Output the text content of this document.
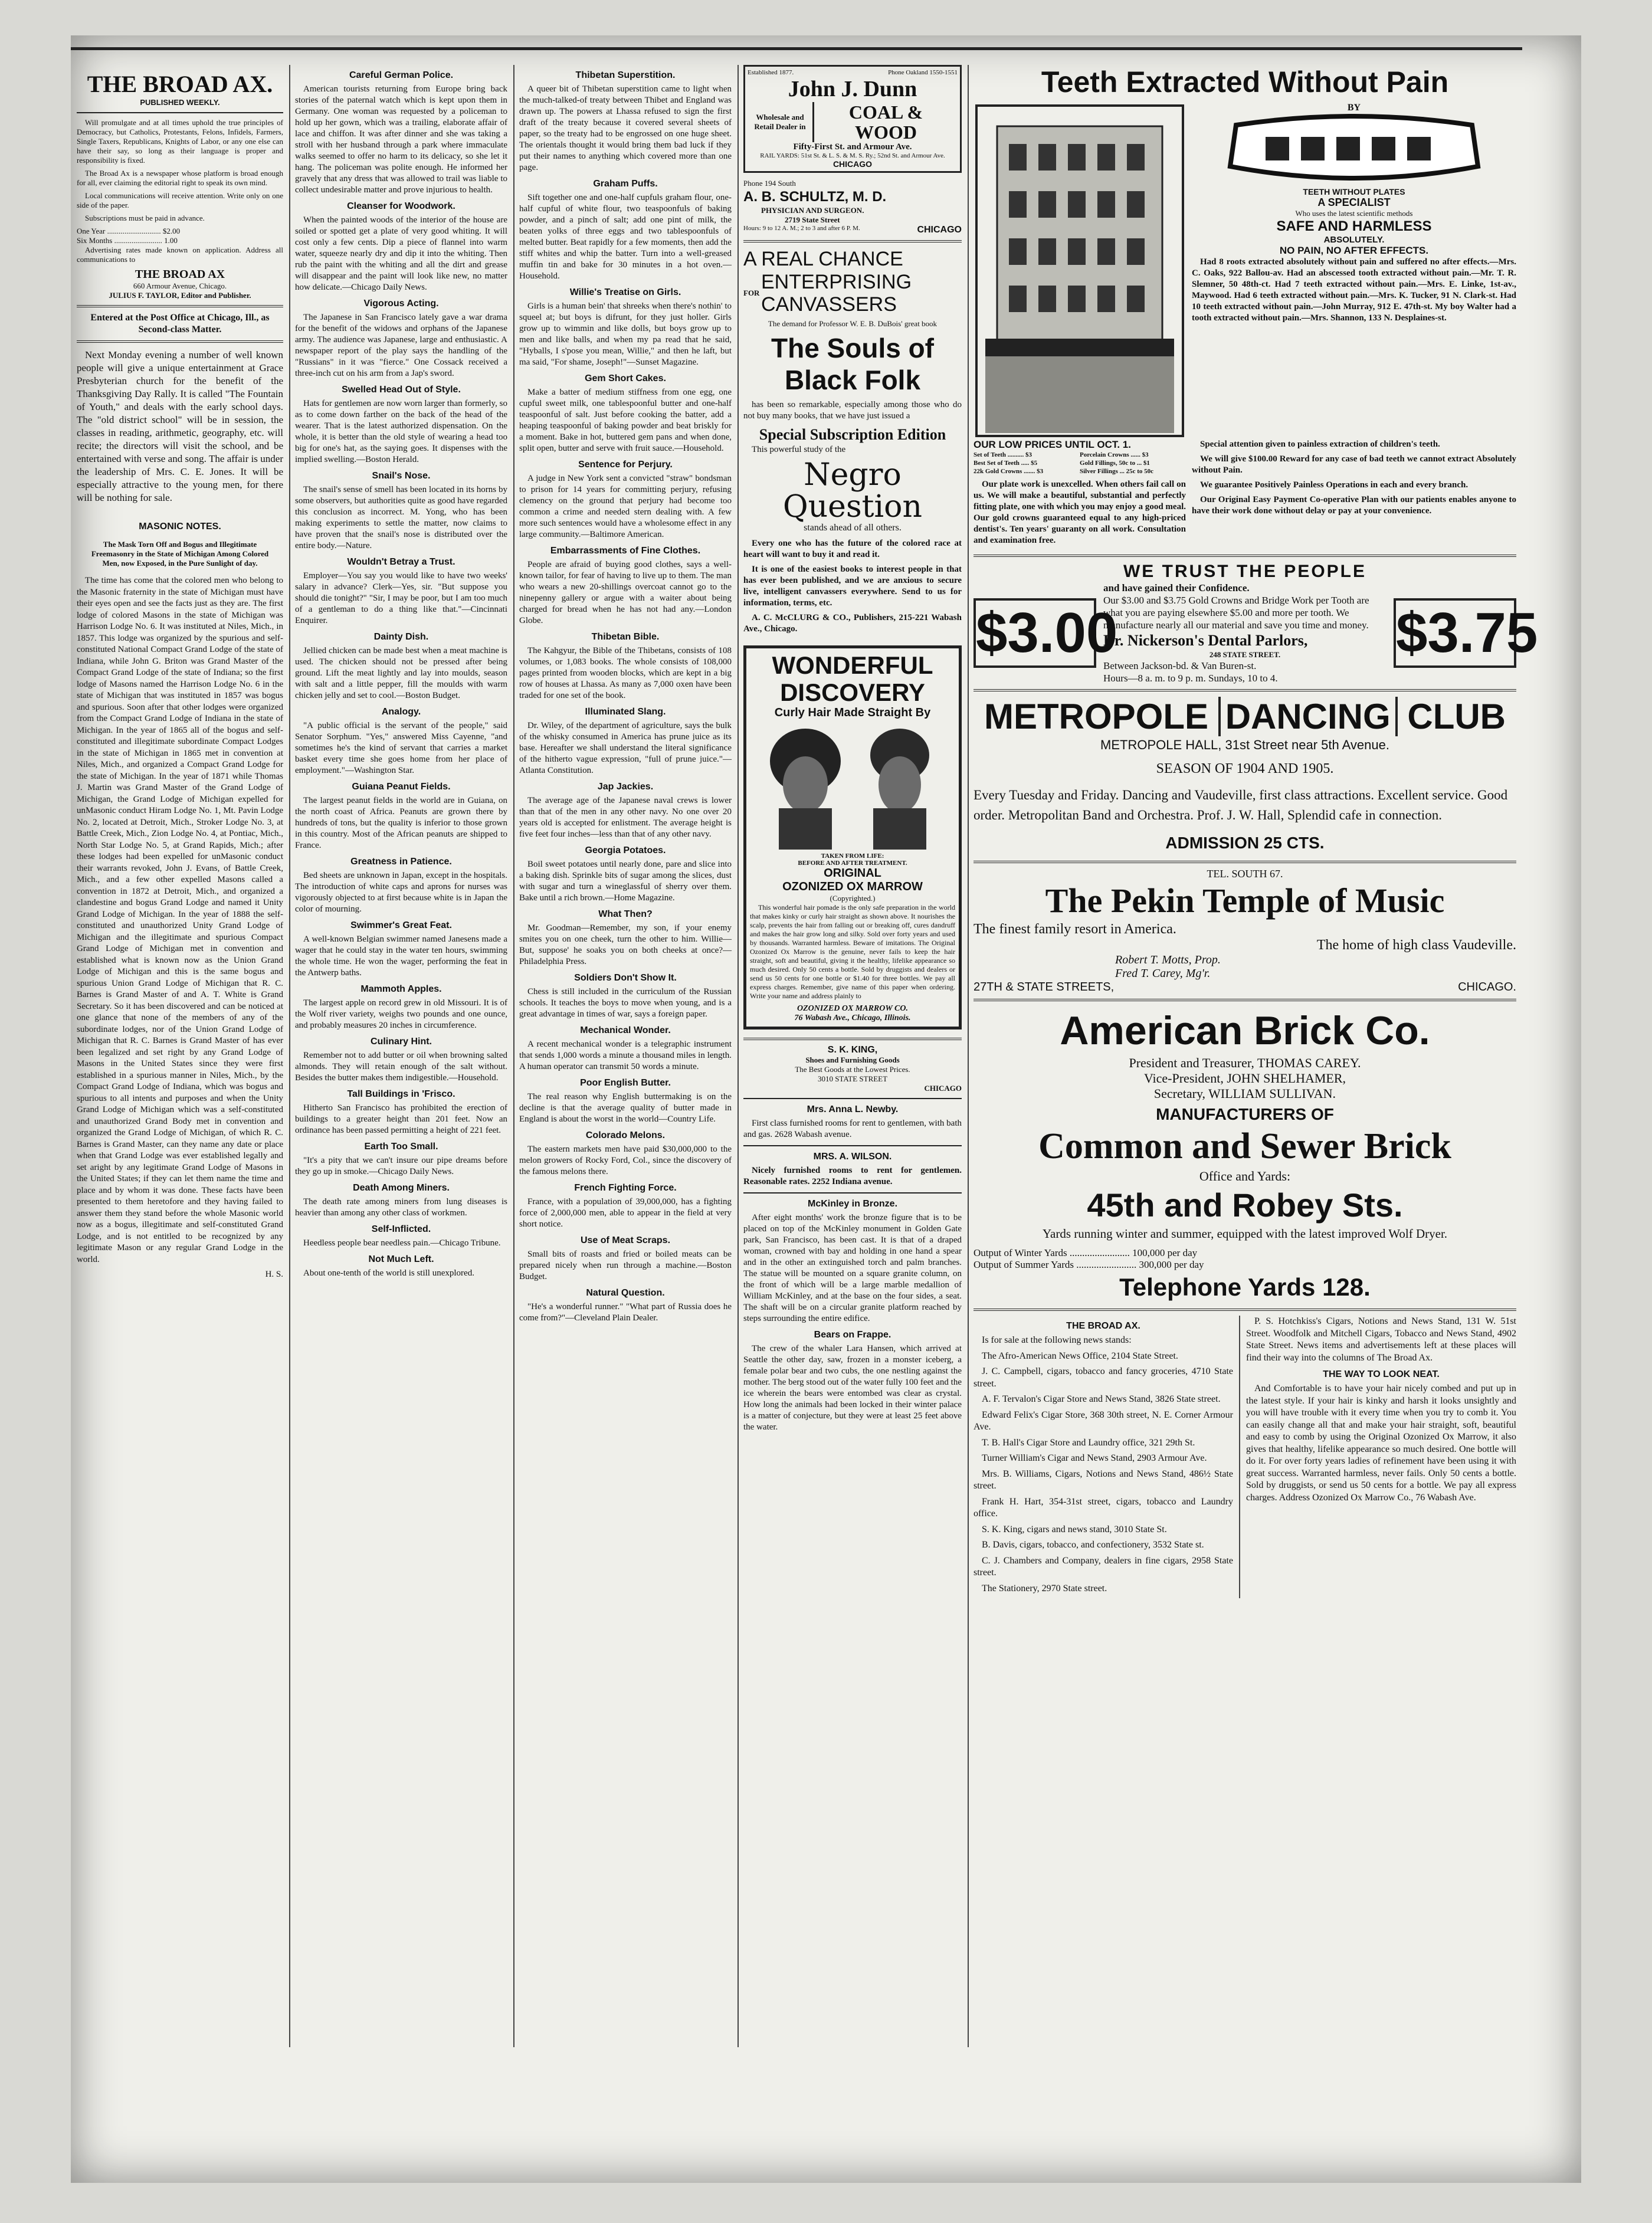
THE BROAD AX.
PUBLISHED WEEKLY.

Will promulgate and at all times uphold the true principles of Democracy, but Catholics, Protestants, Felons, Infidels, Farmers, Single Taxers, Republicans, Knights of Labor, or any one else can have their say, so long as their language is proper and responsibility is fixed.

The Broad Ax is a newspaper whose platform is broad enough for all, ever claiming the editorial right to speak its own mind.

Local communications will receive attention. Write only on one side of the paper.

Subscriptions must be paid in advance.

One Year ............................ $2.00
Six Months ......................... 1.00

Advertising rates made known on application. Address all communications to

THE BROAD AX
660 Armour Avenue, Chicago.
JULIUS F. TAYLOR, Editor and Publisher.
Entered at the Post Office at Chicago, Ill., as Second-class Matter.

Next Monday evening a number of well known people will give a unique entertainment at Grace Presbyterian church for the benefit of the Thanksgiving Day Rally. It is called "The Fountain of Youth," and deals with the early school days. The "old district school" will be in session, the classes in reading, arithmetic, geography, etc. will recite; the directors will visit the school, and be entertained with verse and song. The affair is under the leadership of Mrs. C. E. Jones. It will be especially attractive to the young men, for there will be nothing for sale.

MASONIC NOTES.
The Mask Torn Off and Bogus and Illegitimate Freemasonry in the State of Michigan Among Colored Men, now Exposed, in the Pure Sunlight of day.

The time has come that the colored men who belong to the Masonic fraternity in the state of Michigan must have their eyes open and see the facts just as they are. The first lodge of colored Masons in the state of Michigan was Harrison Lodge No. 6. It was instituted at Niles, Mich., in 1857. This lodge was organized by the spurious and self-constituted National Compact Grand Lodge of the state of Indiana, while John G. Briton was Grand Master of the Compact Grand Lodge of the state of Indiana; so the first lodge of Masons named the Harrison Lodge No. 6 in the state of Michigan that was instituted in 1857 was bogus and spurious. Soon after that other lodges were organized from the Compact Grand Lodge of Indiana in the state of Michigan. In the year of 1865 all of the bogus and self-constituted and illegitimate subordinate Compact Lodges in the state of Michigan in 1865 met in convention at Niles, Mich., and organized a Compact Grand Lodge for the state of Michigan. In the year of 1871 while Thomas J. Martin was Grand Master of the Grand Lodge of Michigan, the Grand Lodge of Michigan expelled for unMasonic conduct Hiram Lodge No. 1, Mt. Pavin Lodge No. 2, located at Detroit, Mich., Stroker Lodge No. 3, at Battle Creek, Mich., Zion Lodge No. 4, at Pontiac, Mich., North Star Lodge No. 5, at Grand Rapids, Mich.; after these lodges had been expelled for unMasonic conduct their warrants revoked, John J. Evans, of Battle Creek, Mich., and a few other expelled Masons called a convention in 1872 at Detroit, Mich., and organized a clandestine and bogus Grand Lodge and named it Unity Grand Lodge of Michigan. In the year of 1888 the self-constituted and unauthorized Unity Grand Lodge of Michigan and the illegitimate and spurious Compact Grand Lodge of Michigan met in convention and established what is known now as the Union Grand Lodge of Michigan and this is the same bogus and spurious Union Grand Lodge of Michigan that R. C. Barnes is Grand Master of and A. T. White is Grand Secretary. So it has been discovered and can be noticed at one glance that none of the members of any of the subordinate lodges, nor of the Union Grand Lodge of Michigan that R. C. Barnes is Grand Master of has ever been legalized and set right by any Grand Lodge of Masons in the United States since they were first established in a spurious manner in Niles, Mich., by the Compact Grand Lodge of Indiana, which was bogus and spurious to all intents and purposes and when the Unity Grand Lodge of Michigan which was a self-constituted and unauthorized Grand Body met in convention and organized the Grand Lodge of Michigan, of which R. C. Barnes is Grand Master, can they name any date or place when that Grand Lodge was ever established legally and set aright by any legitimate Grand Lodge of Masons in the United States; if they can let them name the time and place and by whom it was done. These facts have been presented to them heretofore and they having failed to answer them they stand before the whole Masonic world now as a bogus, illegitimate and self-constituted Grand Lodge, and is not entitled to be recognized by any legitimate Mason or any regular Grand Lodge in the world.

H. S.
Careful German Police.

American tourists returning from Europe bring back stories of the paternal watch which is kept upon them in Germany. One woman was requested by a policeman to hold up her gown, which was a trailing, elaborate affair of lace and chiffon. It was after dinner and she was taking a stroll with her husband through a park where immaculate walks seemed to offer no harm to its delicacy, so she let it hang. The policeman was polite enough. He informed her gravely that any dress that was allowed to trail was liable to collect undesirable matter and prove injurious to health.

Cleanser for Woodwork.

When the painted woods of the interior of the house are soiled or spotted get a plate of very good whiting. It will cost only a few cents. Dip a piece of flannel into warm water, squeeze nearly dry and dip it into the whiting. Then rub the paint with the whiting and all the dirt and grease will disappear and the paint will look like new, no matter how delicate.—Chicago Daily News.

Vigorous Acting.

The Japanese in San Francisco lately gave a war drama for the benefit of the widows and orphans of the Japanese army. The audience was Japanese, large and enthusiastic. A newspaper report of the play says the handling of the "Russians" in it was "fierce." One Cossack received a three-inch cut on his arm from a Jap's sword.

Swelled Head Out of Style.

Hats for gentlemen are now worn larger than formerly, so as to come down farther on the back of the head of the wearer. That is the latest authorized dispensation. On the whole, it is better than the old style of wearing a head too big for one's hat, as the saying goes. It dispenses with the implied swelling.—Boston Herald.

Snail's Nose.

The snail's sense of smell has been located in its horns by some observers, but authorities quite as good have regarded this conclusion as incorrect. M. Yong, who has been making experiments to settle the matter, now claims to have proven that the snail's nose is distributed over the entire body.—Nature.

Wouldn't Betray a Trust.

Employer—You say you would like to have two weeks' salary in advance? Clerk—Yes, sir. "But suppose you should die tonight?" "Sir, I may be poor, but I am too much of a gentleman to do a thing like that."—Cincinnati Enquirer.

Dainty Dish.

Jellied chicken can be made best when a meat machine is used. The chicken should not be pressed after being ground. Lift the meat lightly and lay into moulds, season with salt and a little pepper, fill the moulds with warm chicken jelly and set to cool.—Boston Budget.

Analogy.

"A public official is the servant of the people," said Senator Sorphum. "Yes," answered Miss Cayenne, "and sometimes he's the kind of servant that carries a market basket every time she goes home from her place of employment."—Washington Star.

Guiana Peanut Fields.

The largest peanut fields in the world are in Guiana, on the north coast of Africa. Peanuts are grown there by hundreds of tons, but the quality is inferior to those grown in this country. Most of the African peanuts are shipped to France.

Greatness in Patience.

Bed sheets are unknown in Japan, except in the hospitals. The introduction of white caps and aprons for nurses was vigorously objected to at first because white is in Japan the color of mourning.

Swimmer's Great Feat.

A well-known Belgian swimmer named Janesens made a wager that he could stay in the water ten hours, swimming the whole time. He won the wager, performing the feat in the Antwerp baths.

Mammoth Apples.

The largest apple on record grew in old Missouri. It is of the Wolf river variety, weighs two pounds and one ounce, and probably measures 20 inches in circumference.

Culinary Hint.

Remember not to add butter or oil when browning salted almonds. They will retain enough of the salt without. Besides the butter makes them indigestible.—Household.

Tall Buildings in 'Frisco.

Hitherto San Francisco has prohibited the erection of buildings to a greater height than 201 feet. Now an ordinance has been passed permitting a height of 221 feet.

Earth Too Small.

"It's a pity that we can't insure our pipe dreams before they go up in smoke.—Chicago Daily News.

Death Among Miners.

The death rate among miners from lung diseases is heavier than among any other class of workmen.

Self-Inflicted.

Heedless people bear needless pain.—Chicago Tribune.

Not Much Left.

About one-tenth of the world is still unexplored.

Thibetan Superstition.

A queer bit of Thibetan superstition came to light when the much-talked-of treaty between Thibet and England was drawn up. The powers at Lhassa refused to sign the first draft of the treaty because it covered several sheets of paper, so the treaty had to be engrossed on one huge sheet. The orientals thought it would bring them bad luck if they put their names to anything which covered more than one page.

Graham Puffs.

Sift together one and one-half cupfuls graham flour, one-half cupful of white flour, two teaspoonfuls of baking powder, and a pinch of salt; add one pint of milk, the beaten yolks of three eggs and two tablespoonfuls of melted butter. Beat rapidly for a few moments, then add the stiff whites and whip the batter. Turn into a well-greased muffin tin and bake for 30 minutes in a hot oven.—Household.

Willie's Treatise on Girls.

Girls is a human bein' that shreeks when there's nothin' to squeel at; but boys is difrunt, for they just holler. Girls grow up to wimmin and like dolls, but boys grow up to men and like balls, and when my pa read that he said, "Hyballs, I s'pose you mean, Willie," and then he laft, but ma said, "For shame, Joseph!"—Sunset Magazine.

Gem Short Cakes.

Make a batter of medium stiffness from one egg, one cupful sweet milk, one tablespoonful butter and one-half teaspoonful of salt. Just before cooking the batter, add a heaping teaspoonful of baking powder and beat briskly for a moment. Bake in hot, buttered gem pans and when done, split open, butter and serve with fruit sauce.—Household.

Sentence for Perjury.

A judge in New York sent a convicted "straw" bondsman to prison for 14 years for committing perjury, refusing clemency on the ground that perjury had become too common a crime and needed stern dealing with. A few more such sentences would have a wholesome effect in any large community.—Baltimore American.

Embarrassments of Fine Clothes.

People are afraid of buying good clothes, says a well-known tailor, for fear of having to live up to them. The man who wears a new 20-shillings overcoat cannot go to the ninepenny gallery or argue with a waiter about being charged for bread when he has not had any.—London Globe.

Thibetan Bible.

The Kahgyur, the Bible of the Thibetans, consists of 108 volumes, or 1,083 books. The whole consists of 108,000 pages printed from wooden blocks, which are kept in a big row of houses at Lhassa. As many as 7,000 oxen have been traded for one set of the book.

Illuminated Slang.

Dr. Wiley, of the department of agriculture, says the bulk of the whisky consumed in America has prune juice as its base. Hereafter we shall understand the literal significance of the hitherto vague expression, "full of prune juice."—Atlanta Constitution.

Jap Jackies.

The average age of the Japanese naval crews is lower than that of the men in any other navy. No one over 20 years old is accepted for enlistment. The average height is five feet four inches—less than that of any other navy.

Georgia Potatoes.

Boil sweet potatoes until nearly done, pare and slice into a baking dish. Sprinkle bits of sugar among the slices, dust with sugar and turn a wineglassful of sherry over them. Bake until a rich brown.—Home Magazine.

What Then?

Mr. Goodman—Remember, my son, if your enemy smites you on one cheek, turn the other to him. Willie—But, suppose' he soaks you on both cheeks at once?—Philadelphia Press.

Soldiers Don't Show It.

Chess is still included in the curriculum of the Russian schools. It teaches the boys to move when young, and is a great advantage in times of war, says a foreign paper.

Mechanical Wonder.

A recent mechanical wonder is a telegraphic instrument that sends 1,000 words a minute a thousand miles in length. A human operator can transmit 50 words a minute.

Poor English Butter.

The real reason why English buttermaking is on the decline is that the average quality of butter made in England is about the worst in the world—Country Life.

Colorado Melons.

The eastern markets men have paid $30,000,000 to the melon growers of Rocky Ford, Col., since the discovery of the famous melons there.

French Fighting Force.

France, with a population of 39,000,000, has a fighting force of 2,000,000 men, able to appear in the field at very short notice.

Use of Meat Scraps.

Small bits of roasts and fried or boiled meats can be prepared nicely when run through a machine.—Boston Budget.

Natural Question.

"He's a wonderful runner." "What part of Russia does he come from?"—Cleveland Plain Dealer.

Established 1877.	Phone Oakland 1550-1551
John J. Dunn
Wholesale and Retail Dealer in
COAL &
WOOD
Fifty-First St. and Armour Ave.
RAIL YARDS: 51st St. & L. S. & M. S. Ry.; 52nd St. and Armour Ave.
CHICAGO
Phone 194 South
A. B. SCHULTZ, M. D.
PHYSICIAN AND SURGEON.
2719 State Street
Hours: 9 to 12 A. M.; 2 to 3 and after 6 P. M.	CHICAGO
A REAL CHANCE
FOR ENTERPRISING
CANVASSERS
The demand for Professor W. E. B. DuBois' great book
The Souls of
Black Folk

has been so remarkable, especially among those who do not buy many books, that we have just issued a

Special Subscription Edition

This powerful study of the

Negro
Question
stands ahead of all others.

Every one who has the future of the colored race at heart will want to buy it and read it.

It is one of the easiest books to interest people in that has ever been published, and we are anxious to secure live, intelligent canvassers everywhere. Send to us for information, terms, etc.

A. C. McCLURG & CO., Publishers, 215-221 Wabash Ave., Chicago.

WONDERFUL
DISCOVERY
Curly Hair Made Straight By
TAKEN FROM LIFE:
BEFORE AND AFTER TREATMENT.
ORIGINAL
OZONIZED OX MARROW
(Copyrighted.)

This wonderful hair pomade is the only safe preparation in the world that makes kinky or curly hair straight as shown above. It nourishes the scalp, prevents the hair from falling out or breaking off, cures dandruff and makes the hair grow long and silky. Sold over forty years and used by thousands. Warranted harmless. Beware of imitations. The Original Ozonized Ox Marrow is the genuine, never fails to keep the hair straight, soft and beautiful, giving it the healthy, lifelike appearance so much desired. Only 50 cents a bottle. Sold by druggists and dealers or send us 50 cents for one bottle or $1.40 for three bottles. We pay all express charges. Remember, give name of this paper when ordering. Write your name and address plainly to

OZONIZED OX MARROW CO.
76 Wabash Ave., Chicago, Illinois.
S. K. KING,
Shoes and Furnishing Goods
The Best Goods at the Lowest Prices.
3010 STATE STREET
CHICAGO
Mrs. Anna L. Newby.

First class furnished rooms for rent to gentlemen, with bath and gas. 2628 Wabash avenue.

MRS. A. WILSON.

Nicely furnished rooms to rent for gentlemen. Reasonable rates. 2252 Indiana avenue.

McKinley in Bronze.

After eight months' work the bronze figure that is to be placed on top of the McKinley monument in Golden Gate park, San Francisco, has been cast. It is that of a draped woman, crowned with bay and holding in one hand a spear and in the other an extinguished torch and palm branches. The statue will be mounted on a square granite column, on the front of which will be a large marble medallion of William McKinley, and at the base on the four sides, a seat. The shaft will be on a circular granite platform reached by steps surrounding the entire edifice.

Bears on Frappe.

The crew of the whaler Lara Hansen, which arrived at Seattle the other day, saw, frozen in a monster iceberg, a female polar bear and two cubs, the one nestling against the mother. The berg stood out of the water fully 100 feet and the ice wherein the bears were entombed was clear as crystal. How long the animals had been locked in their winter palace is a matter of conjecture, but they were at least 25 feet above the water.

Teeth Extracted Without Pain
BY
TEETH WITHOUT PLATES
A SPECIALIST
Who uses the latest scientific methods
SAFE AND HARMLESS
ABSOLUTELY.
NO PAIN, NO AFTER EFFECTS.

Had 8 roots extracted absolutely without pain and suffered no after effects.—Mrs. C. Oaks, 922 Ballou-av. Had an abscessed tooth extracted without pain.—Mr. T. R. Slemner, 50 48th-ct. Had 7 teeth extracted without pain.—Mrs. E. Linke, 1st-av., Maywood. Had 6 teeth extracted without pain.—Mrs. K. Tucker, 91 N. Clark-st. Had 10 teeth extracted without pain.—John Murray, 912 E. 47th-st. My boy Walter had a tooth extracted without pain.—Mrs. Shannon, 133 N. Desplaines-st.

OUR LOW PRICES UNTIL OCT. 1.
Set of Teeth .......... $3
Best Set of Teeth ..... $5
22k Gold Crowns ....... $3
Porcelain Crowns ...... $3
Gold Fillings, 50c to ... $1
Silver Fillings ... 25c to 50c

Our plate work is unexcelled. When others fail call on us. We will make a beautiful, substantial and perfectly fitting plate, one with which you may enjoy a good meal. Our gold crowns guaranteed equal to any high-priced dentist's. Ten years' guaranty on all work. Consultation and examination free.

Special attention given to painless extraction of children's teeth.

We will give $100.00 Reward for any case of bad teeth we cannot extract Absolutely without Pain.

We guarantee Positively Painless Operations in each and every branch.

Our Original Easy Payment Co-operative Plan with our patients enables anyone to have their work done without delay or pay at your convenience.

WE TRUST THE PEOPLE
$3.00
and have gained their Confidence.
Our $3.00 and $3.75 Gold Crowns and Bridge Work per Tooth are what you are paying elsewhere $5.00 and more per tooth. We manufacture nearly all our material and save you time and money.
Dr. Nickerson's Dental Parlors,
248 STATE STREET.
Between Jackson-bd. & Van Buren-st.
Hours—8 a. m. to 9 p. m. Sundays, 10 to 4.
$3.75
METROPOLE DANCING CLUB
METROPOLE HALL, 31st Street near 5th Avenue.
SEASON OF 1904 AND 1905.
Every Tuesday and Friday. Dancing and Vaudeville, first class attractions. Excellent service. Good order. Metropolitan Band and Orchestra. Prof. J. W. Hall, Splendid cafe in connection.
ADMISSION 25 CTS.
TEL. SOUTH 67.
The Pekin Temple of Music
The finest family resort in America.
The home of high class Vaudeville.
Robert T. Motts, Prop.
Fred T. Carey, Mg'r.
27TH & STATE STREETS,	CHICAGO.
American Brick Co.
President and Treasurer, THOMAS CAREY.
Vice-President, JOHN SHELHAMER,
Secretary, WILLIAM SULLIVAN.
MANUFACTURERS OF
Common and Sewer Brick
Office and Yards:
45th and Robey Sts.
Yards running winter and summer, equipped with the latest improved Wolf Dryer.
Output of Winter Yards ........................ 100,000 per day
Output of Summer Yards ........................ 300,000 per day
Telephone Yards 128.
THE BROAD AX.

Is for sale at the following news stands:

The Afro-American News Office, 2104 State Street.

J. C. Campbell, cigars, tobacco and fancy groceries, 4710 State street.

A. F. Tervalon's Cigar Store and News Stand, 3826 State street.

Edward Felix's Cigar Store, 368 30th street, N. E. Corner Armour Ave.

T. B. Hall's Cigar Store and Laundry office, 321 29th St.

Turner William's Cigar and News Stand, 2903 Armour Ave.

Mrs. B. Williams, Cigars, Notions and News Stand, 486½ State street.

Frank H. Hart, 354-31st street, cigars, tobacco and Laundry office.

S. K. King, cigars and news stand, 3010 State St.

B. Davis, cigars, tobacco, and confectionery, 3532 State st.

C. J. Chambers and Company, dealers in fine cigars, 2958 State street.

The Stationery, 2970 State street.

P. S. Hotchkiss's Cigars, Notions and News Stand, 131 W. 51st Street. Woodfolk and Mitchell Cigars, Tobacco and News Stand, 4902 State Street. News items and advertisements left at these places will find their way into the columns of The Broad Ax.

THE WAY TO LOOK NEAT.

And Comfortable is to have your hair nicely combed and put up in the latest style. If your hair is kinky and harsh it looks unsightly and you will have trouble with it every time when you try to comb it. You can easily change all that and make your hair straight, soft, beautiful and easy to comb by using the Original Ozonized Ox Marrow, it also gives that healthy, lifelike appearance so much desired. One bottle will do it. For over forty years ladies of refinement have been using it with great success. Warranted harmless, never fails. Only 50 cents a bottle. Sold by druggists, or send us 50 cents for a bottle. We pay all express charges. Address Ozonized Ox Marrow Co., 76 Wabash Ave.
